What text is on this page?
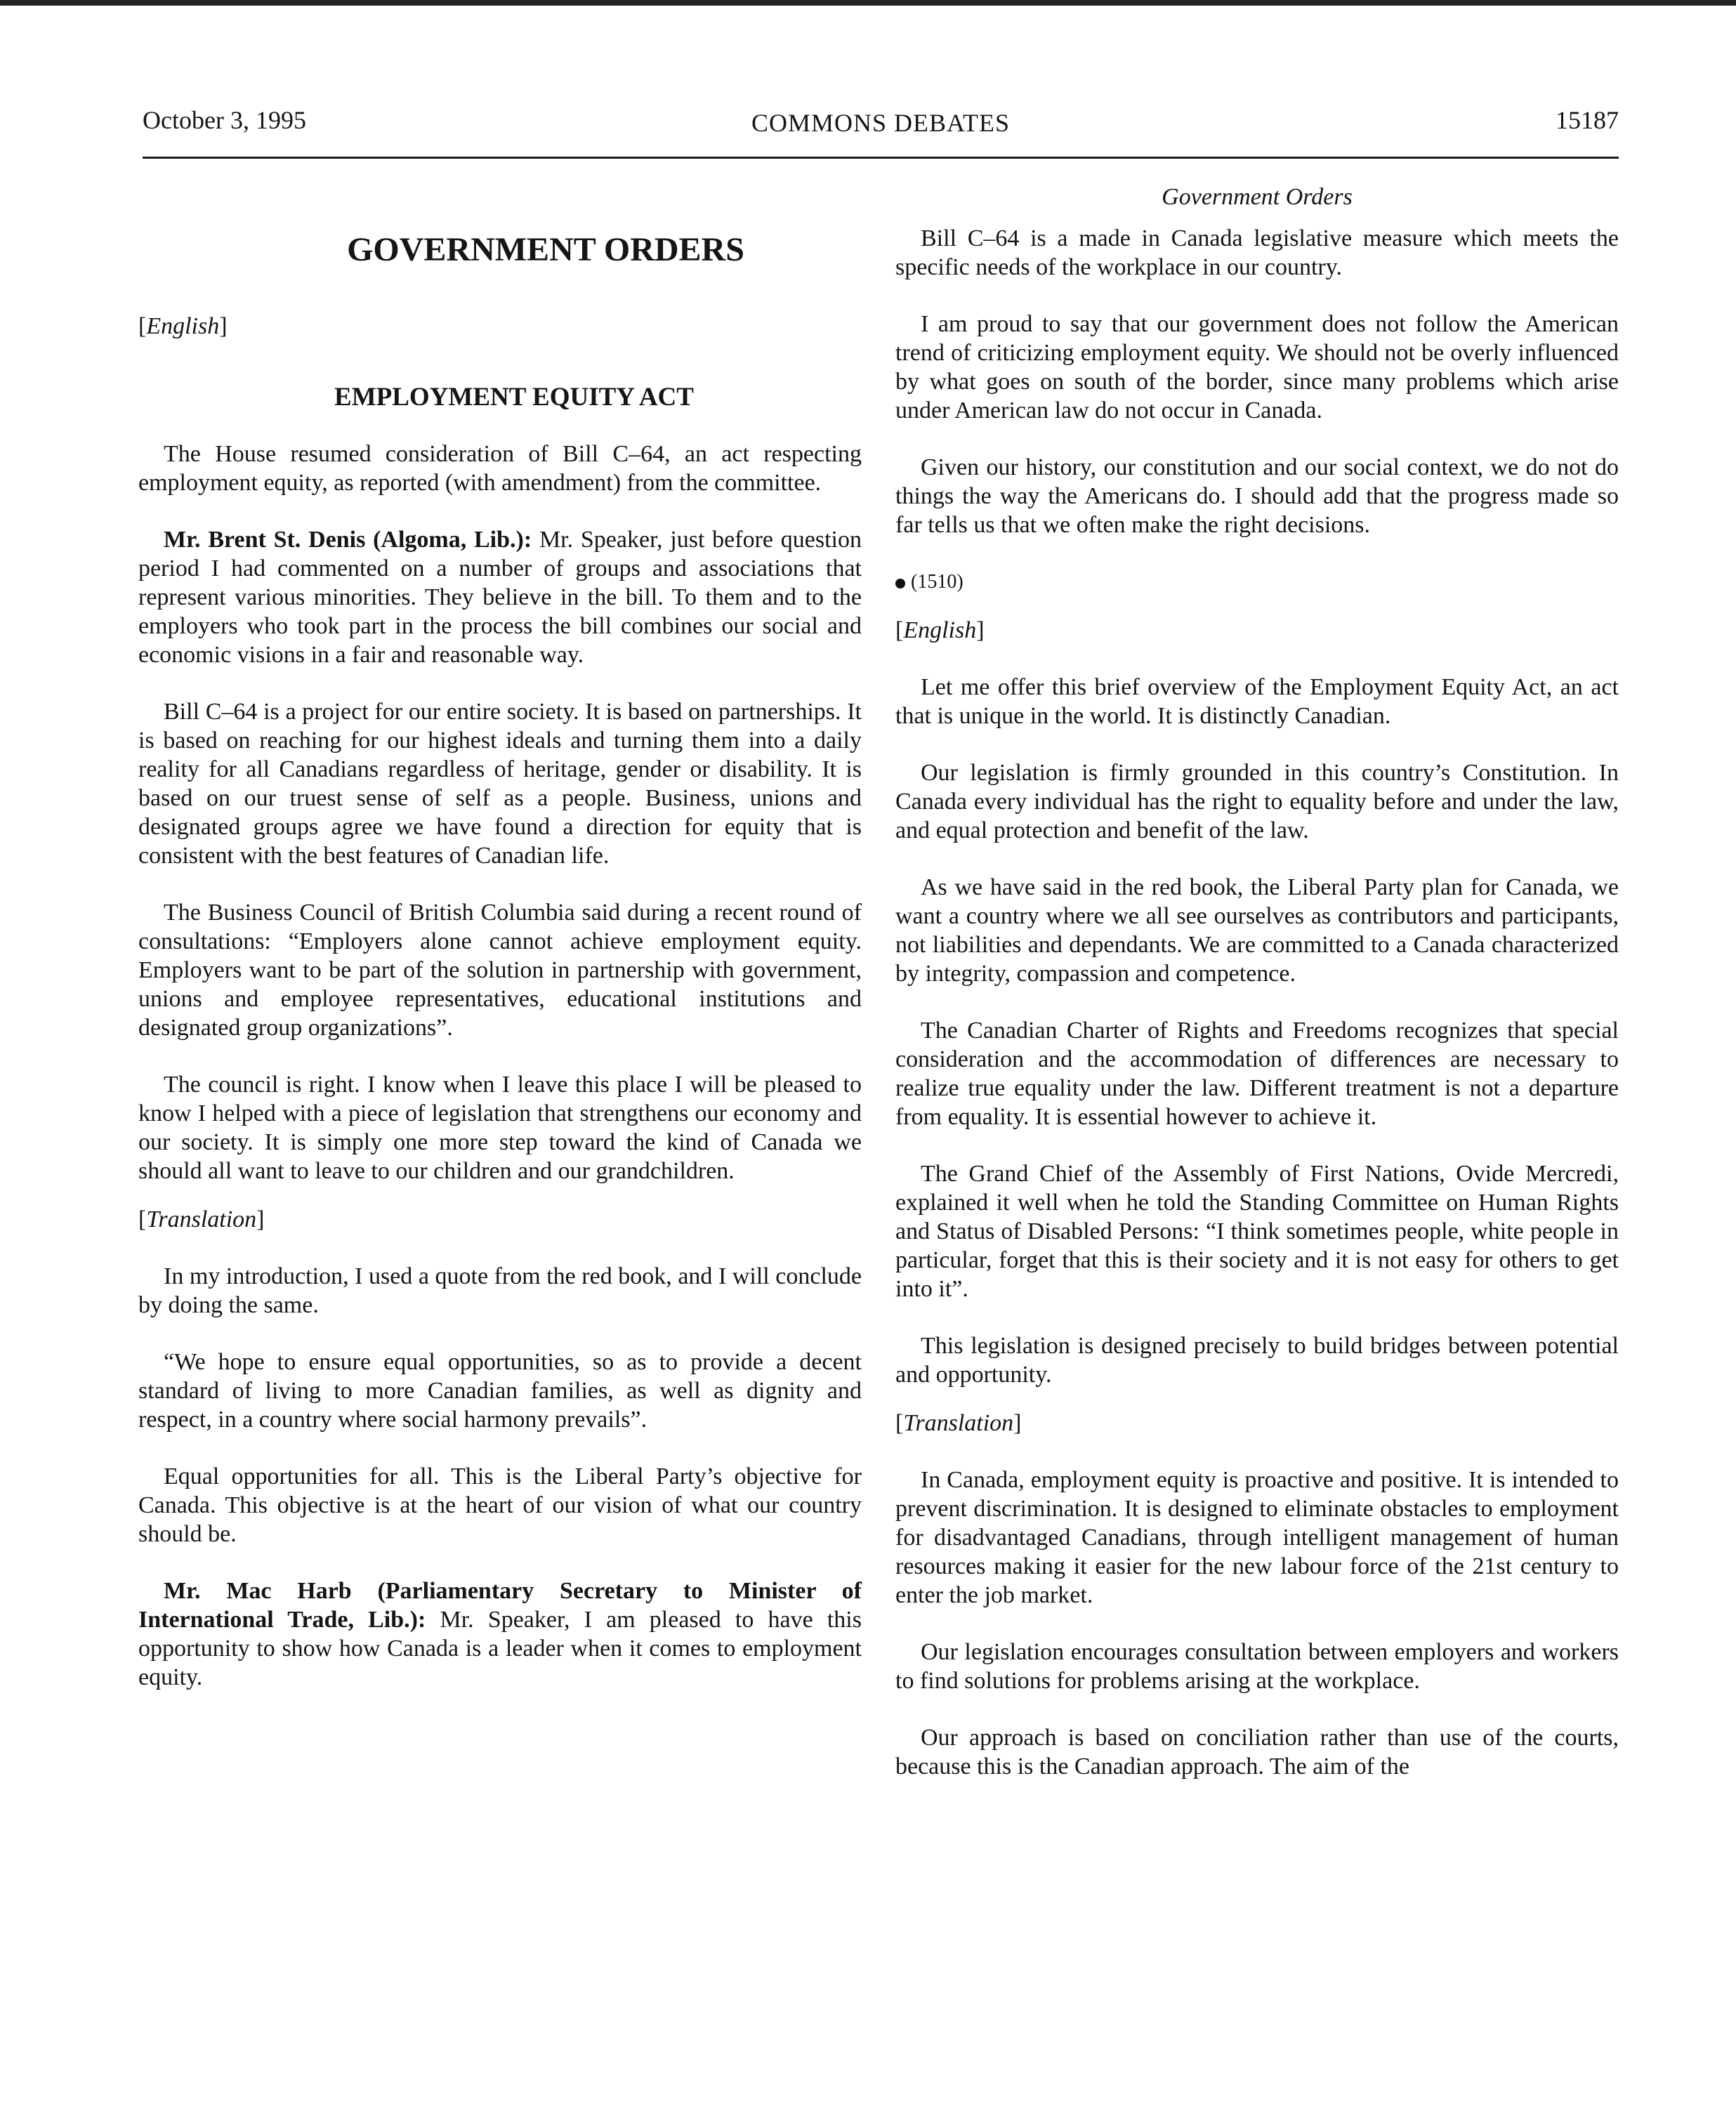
October 3, 1995	COMMONS DEBATES	15187
GOVERNMENT ORDERS

[ English ]

EMPLOYMENT EQUITY ACT

The House resumed consideration of Bill C–64, an act respecting employment equity, as reported (with amendment) from the committee.

Mr. Brent St. Denis (Algoma, Lib.): Mr. Speaker, just before question period I had commented on a number of groups and associations that represent various minorities. They believe in the bill. To them and to the employers who took part in the process the bill combines our social and economic visions in a fair and reasonable way.

Bill C–64 is a project for our entire society. It is based on partnerships. It is based on reaching for our highest ideals and turning them into a daily reality for all Canadians regardless of heritage, gender or disability. It is based on our truest sense of self as a people. Business, unions and designated groups agree we have found a direction for equity that is consistent with the best features of Canadian life.

The Business Council of British Columbia said during a recent round of consultations: “Employers alone cannot achieve employment equity. Employers want to be part of the solution in partnership with government, unions and employee representatives, educational institutions and designated group organizations”.

The council is right. I know when I leave this place I will be pleased to know I helped with a piece of legislation that strengthens our economy and our society. It is simply one more step toward the kind of Canada we should all want to leave to our children and our grandchildren.

[ Translation ]

In my introduction, I used a quote from the red book, and I will conclude by doing the same.

“We hope to ensure equal opportunities, so as to provide a decent standard of living to more Canadian families, as well as dignity and respect, in a country where social harmony prevails”.

Equal opportunities for all. This is the Liberal Party’s objective for Canada. This objective is at the heart of our vision of what our country should be.

Mr. Mac Harb (Parliamentary Secretary to Minister of International Trade, Lib.): Mr. Speaker, I am pleased to have this opportunity to show how Canada is a leader when it comes to employment equity.

Government Orders

Bill C–64 is a made in Canada legislative measure which meets the specific needs of the workplace in our country.

I am proud to say that our government does not follow the American trend of criticizing employment equity. We should not be overly influenced by what goes on south of the border, since many problems which arise under American law do not occur in Canada.

Given our history, our constitution and our social context, we do not do things the way the Americans do. I should add that the progress made so far tells us that we often make the right decisions.

(1510)

[ English ]

Let me offer this brief overview of the Employment Equity Act, an act that is unique in the world. It is distinctly Canadian.

Our legislation is firmly grounded in this country’s Constitution. In Canada every individual has the right to equality before and under the law, and equal protection and benefit of the law.

As we have said in the red book, the Liberal Party plan for Canada, we want a country where we all see ourselves as contributors and participants, not liabilities and dependants. We are committed to a Canada characterized by integrity, compassion and competence.

The Canadian Charter of Rights and Freedoms recognizes that special consideration and the accommodation of differences are necessary to realize true equality under the law. Different treatment is not a departure from equality. It is essential however to achieve it.

The Grand Chief of the Assembly of First Nations, Ovide Mercredi, explained it well when he told the Standing Committee on Human Rights and Status of Disabled Persons: “I think sometimes people, white people in particular, forget that this is their society and it is not easy for others to get into it”.

This legislation is designed precisely to build bridges between potential and opportunity.

[ Translation ]

In Canada, employment equity is proactive and positive. It is intended to prevent discrimination. It is designed to eliminate obstacles to employment for disadvantaged Canadians, through intelligent management of human resources making it easier for the new labour force of the 21st century to enter the job market.

Our legislation encourages consultation between employers and workers to find solutions for problems arising at the workplace.

Our approach is based on conciliation rather than use of the courts, because this is the Canadian approach. The aim of the
